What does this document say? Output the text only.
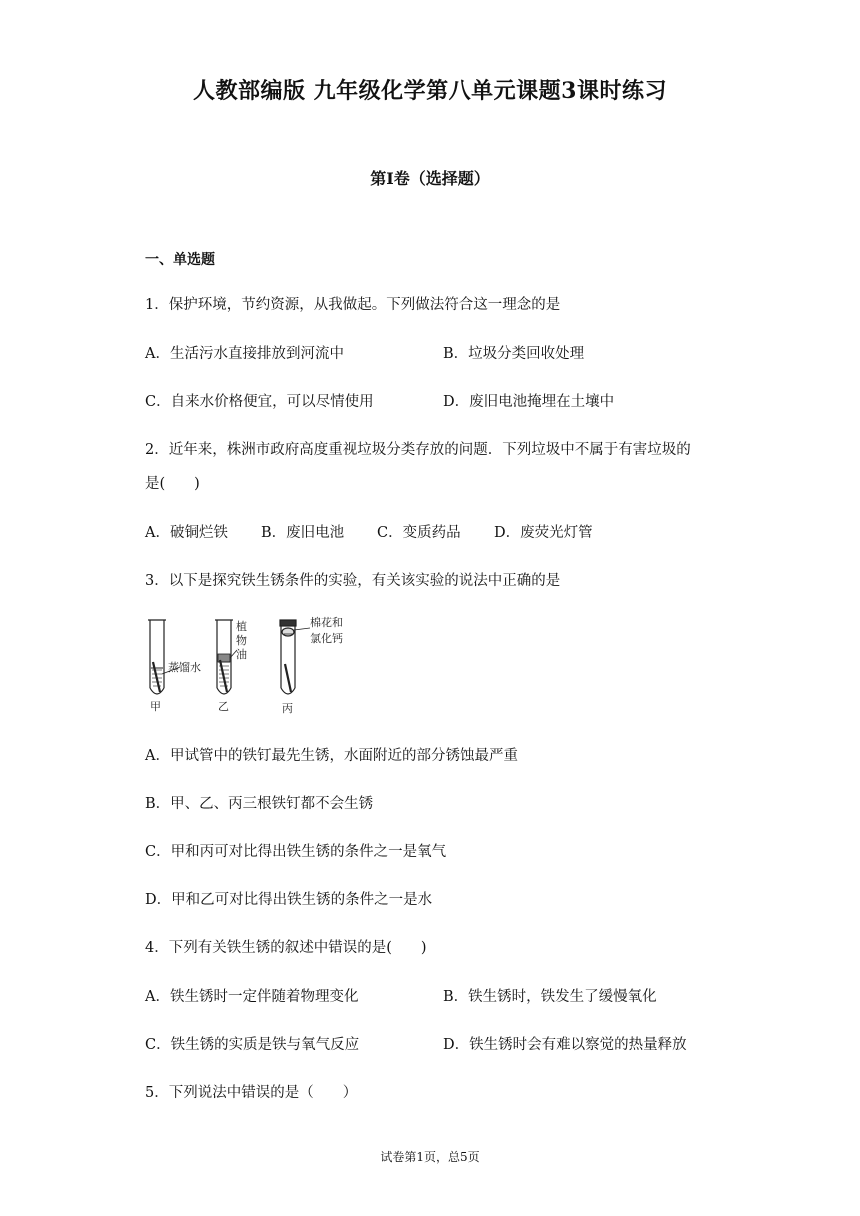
人教部编版 九年级化学第八单元课题3课时练习
第I卷（选择题）
一、单选题
1．保护环境，节约资源，从我做起。下列做法符合这一理念的是
A．生活污水直接排放到河流中	B．垃圾分类回收处理
C．自来水价格便宜，可以尽情使用	D．废旧电池掩埋在土壤中
2．近年来，株洲市政府高度重视垃圾分类存放的问题．下列垃圾中不属于有害垃圾的
是(　　)
A．破铜烂铁 B．废旧电池 C．变质药品 D．废荧光灯管
3．以下是探究铁生锈条件的实验，有关该实验的说法中正确的是
蒸馏水
植
物
油
棉花和
氯化钙
甲	乙	丙
A．甲试管中的铁钉最先生锈，水面附近的部分锈蚀最严重
B．甲、乙、丙三根铁钉都不会生锈
C．甲和丙可对比得出铁生锈的条件之一是氧气
D．甲和乙可对比得出铁生锈的条件之一是水
4．下列有关铁生锈的叙述中错误的是(　　)
A．铁生锈时一定伴随着物理变化	B．铁生锈时，铁发生了缓慢氧化
C．铁生锈的实质是铁与氧气反应	D．铁生锈时会有难以察觉的热量释放
5．下列说法中错误的是（　　）
试卷第1页，总5页
